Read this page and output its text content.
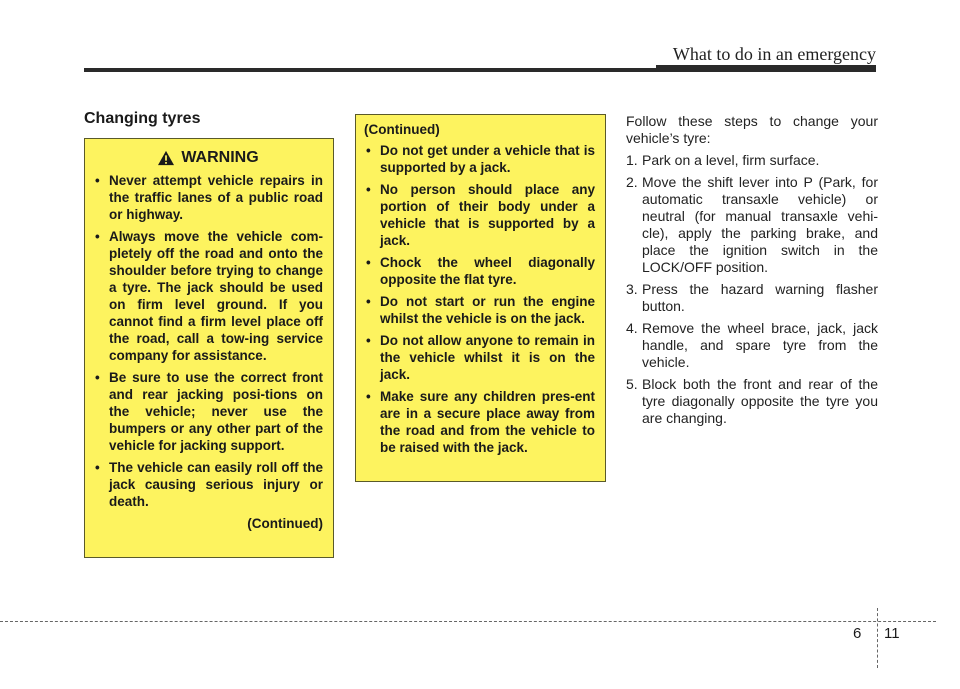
What to do in an emergency
Changing tyres
WARNING
• Never attempt vehicle repairs in the traffic lanes of a public road or highway.
• Always move the vehicle com-pletely off the road and onto the shoulder before trying to change a tyre. The jack should be used on firm level ground. If you cannot find a firm level place off the road, call a tow-ing service company for assistance.
• Be sure to use the correct front and rear jacking posi-tions on the vehicle; never use the bumpers or any other part of the vehicle for jacking support.
• The vehicle can easily roll off the jack causing serious injury or death.
(Continued)
(Continued)
• Do not get under a vehicle that is supported by a jack.
• No person should place any portion of their body under a vehicle that is supported by a jack.
• Chock the wheel diagonally opposite the flat tyre.
• Do not start or run the engine whilst the vehicle is on the jack.
• Do not allow anyone to remain in the vehicle whilst it is on the jack.
• Make sure any children pres-ent are in a secure place away from the road and from the vehicle to be raised with the jack.

Follow these steps to change your vehicle’s tyre:

1. Park on a level, firm surface.
2. Move the shift lever into P (Park, for automatic transaxle vehicle) or neutral (for manual transaxle vehi-cle), apply the parking brake, and place the ignition switch in the LOCK/OFF position.
3. Press the hazard warning flasher button.
4. Remove the wheel brace, jack, jack handle, and spare tyre from the vehicle.
5. Block both the front and rear of the tyre diagonally opposite the tyre you are changing.
6 11
